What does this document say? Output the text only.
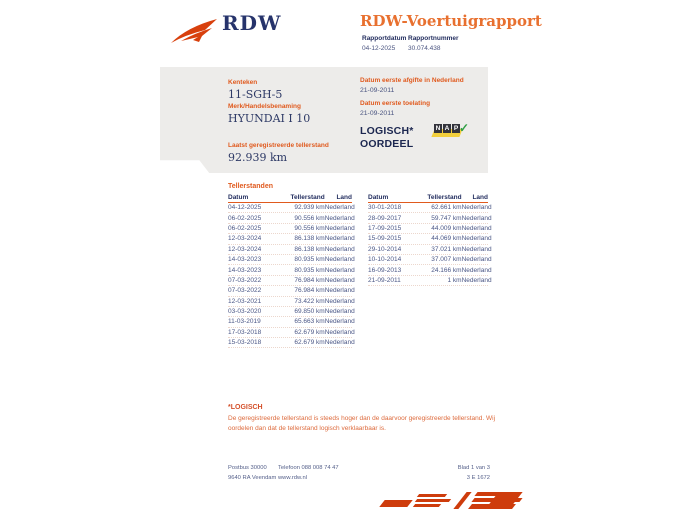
RDW	RDW-Voertuigrapport
Rapportdatum
04-12-2025
Rapportnummer
30.074.438
Kenteken
11-SGH-5
Merk/Handelsbenaming
HYUNDAI I 10
Laatst geregistreerde tellerstand
92.939 km
Datum eerste afgifte in Nederland
21-09-2011
Datum eerste toelating
21-09-2011
LOGISCH*
OORDEEL
N A P ✓
Tellerstanden
Datum	Tellerstand	Land
04-12-2025	92.939 km Nederland
06-02-2025	90.556 km Nederland
06-02-2025	90.556 km Nederland
12-03-2024	86.138 km Nederland
12-03-2024	86.138 km Nederland
14-03-2023	80.935 km Nederland
14-03-2023	80.935 km Nederland
07-03-2022	76.984 km Nederland
07-03-2022	76.984 km Nederland
12-03-2021	73.422 km Nederland
03-03-2020	69.850 km Nederland
11-03-2019	65.663 km Nederland
17-03-2018	62.679 km Nederland
15-03-2018	62.679 km Nederland
Datum	Tellerstand	Land
30-01-2018	62.661 km Nederland
28-09-2017	59.747 km Nederland
17-09-2015	44.009 km Nederland
15-09-2015	44.069 km Nederland
29-10-2014	37.021 km Nederland
10-10-2014	37.007 km Nederland
16-09-2013	24.166 km Nederland
21-09-2011	1 km Nederland
*LOGISCH
De geregistreerde tellerstand is steeds hoger dan de daarvoor geregistreerde tellerstand. Wij oordelen dan dat de tellerstand logisch verklaarbaar is.
Postbus 30000
9640 RA Veendam
Telefoon 088 008 74 47
www.rdw.nl
Blad 1 van 3
3 E 1672
